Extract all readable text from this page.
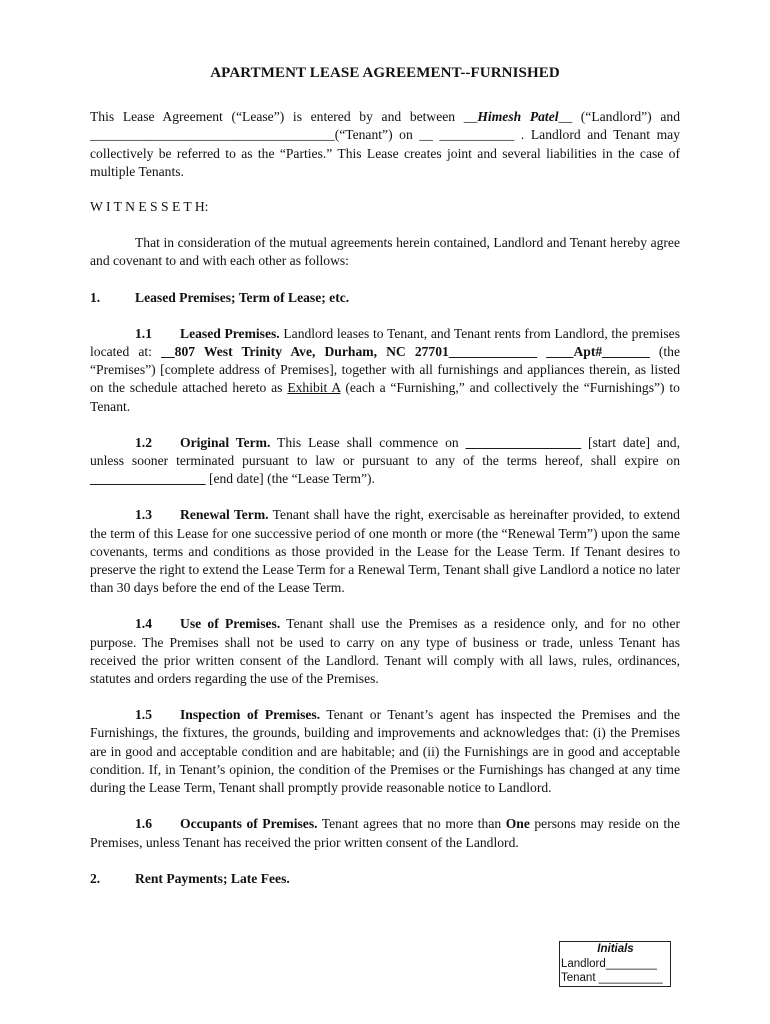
APARTMENT LEASE AGREEMENT--FURNISHED

This Lease Agreement (“Lease”) is entered by and between __Himesh Patel__ (“Landlord”) and ____________________________________(“Tenant”) on __ ___________ . Landlord and Tenant may collectively be referred to as the “Parties.” This Lease creates joint and several liabilities in the case of multiple Tenants.

W I T N E S S E T H:

That in consideration of the mutual agreements herein contained, Landlord and Tenant hereby agree and covenant to and with each other as follows:

1.	Leased Premises; Term of Lease; etc.

1.1 Leased Premises. Landlord leases to Tenant, and Tenant rents from Landlord, the premises located at: __807 West Trinity Ave, Durham, NC 27701_____________ ____Apt#_______ (the “Premises”) [complete address of Premises], together with all furnishings and appliances therein, as listed on the schedule attached hereto as Exhibit A (each a “Furnishing,” and collectively the “Furnishings”) to Tenant.

1.2 Original Term. This Lease shall commence on _________________ [start date] and, unless sooner terminated pursuant to law or pursuant to any of the terms hereof, shall expire on _________________ [end date] (the “Lease Term”).

1.3 Renewal Term. Tenant shall have the right, exercisable as hereinafter provided, to extend the term of this Lease for one successive period of one month or more (the “Renewal Term”) upon the same covenants, terms and conditions as those provided in the Lease for the Lease Term. If Tenant desires to preserve the right to extend the Lease Term for a Renewal Term, Tenant shall give Landlord a notice no later than 30 days before the end of the Lease Term.

1.4 Use of Premises. Tenant shall use the Premises as a residence only, and for no other purpose. The Premises shall not be used to carry on any type of business or trade, unless Tenant has received the prior written consent of the Landlord. Tenant will comply with all laws, rules, ordinances, statutes and orders regarding the use of the Premises.

1.5 Inspection of Premises. Tenant or Tenant’s agent has inspected the Premises and the Furnishings, the fixtures, the grounds, building and improvements and acknowledges that: (i) the Premises are in good and acceptable condition and are habitable; and (ii) the Furnishings are in good and acceptable condition. If, in Tenant’s opinion, the condition of the Premises or the Furnishings has changed at any time during the Lease Term, Tenant shall promptly provide reasonable notice to Landlord.

1.6 Occupants of Premises. Tenant agrees that no more than One persons may reside on the Premises, unless Tenant has received the prior written consent of the Landlord.

2.	Rent Payments; Late Fees.

Initials
Landlord________
Tenant __________
